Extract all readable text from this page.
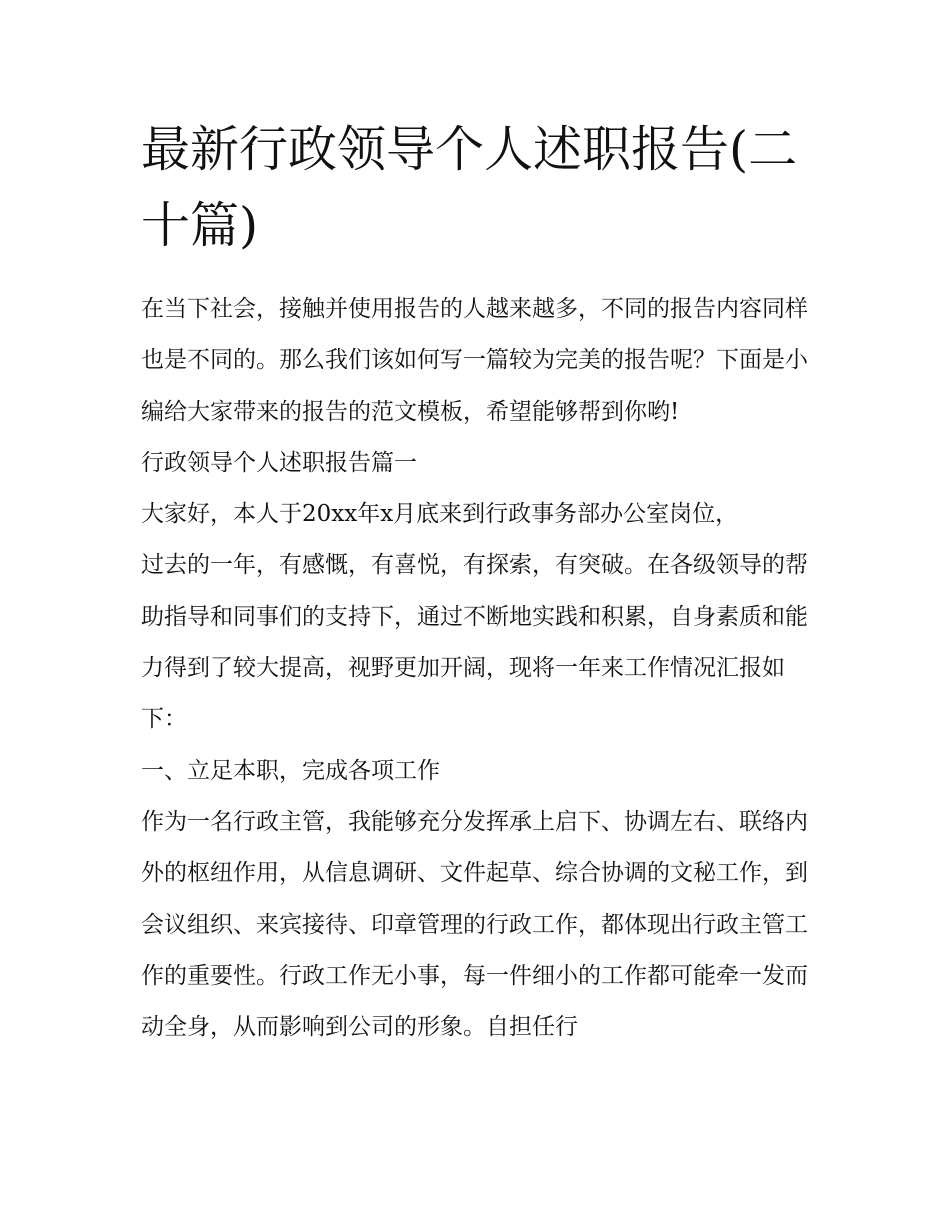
最新行政领导个人述职报告(二十篇)

在当下社会，接触并使用报告的人越来越多，不同的报告内容同样也是不同的。那么我们该如何写一篇较为完美的报告呢？下面是小编给大家带来的报告的范文模板，希望能够帮到你哟!

行政领导个人述职报告篇一

大家好，本人于20xx年x月底来到行政事务部办公室岗位，

过去的一年，有感慨，有喜悦，有探索，有突破。在各级领导的帮助指导和同事们的支持下，通过不断地实践和积累，自身素质和能力得到了较大提高，视野更加开阔，现将一年来工作情况汇报如下：

一、立足本职，完成各项工作

作为一名行政主管，我能够充分发挥承上启下、协调左右、联络内外的枢纽作用，从信息调研、文件起草、综合协调的文秘工作，到会议组织、来宾接待、印章管理的行政工作，都体现出行政主管工作的重要性。行政工作无小事，每一件细小的工作都可能牵一发而动全身，从而影响到公司的形象。自担任行
